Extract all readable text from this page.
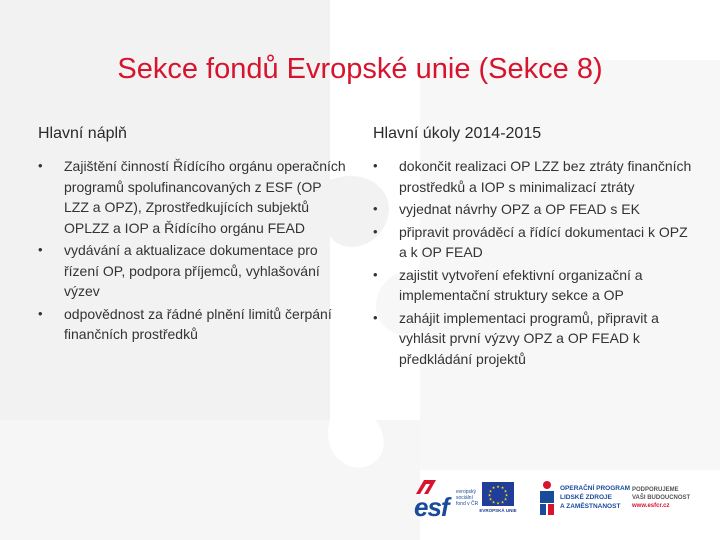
Sekce fondů Evropské unie (Sekce 8)
Hlavní náplň
• Zajištění činností Řídícího orgánu operačních programů spolufinancovaných z ESF (OP LZZ a OPZ), Zprostředkujících subjektů OPLZZ a IOP a Řídícího orgánu FEAD
• vydávání a aktualizace dokumentace pro řízení OP, podpora příjemců, vyhlašování výzev
• odpovědnost za řádné plnění limitů čerpání finančních prostředků
Hlavní úkoly 2014-2015
• dokončit realizaci OP LZZ bez ztráty finančních prostředků a IOP s minimalizací ztráty
• vyjednat návrhy OPZ a OP FEAD s EK
• připravit prováděcí a řídící dokumentaci k OPZ a k OP FEAD
• zajistit vytvoření efektivní organizační a implementační struktury sekce a OP
• zahájit implementaci programů, připravit a vyhlásit první výzvy OPZ a OP FEAD k předkládání projektů
esf evropský
sociální
fond v ČR
★ ★
★
★
★
★
★
★
★
★
★
★
EVROPSKÁ UNIE
OPERAČNÍ PROGRAM
LIDSKÉ ZDROJE
A ZAMĚSTNANOST
PODPORUJEME
VAŠI BUDOUCNOST
www.esfcr.cz
